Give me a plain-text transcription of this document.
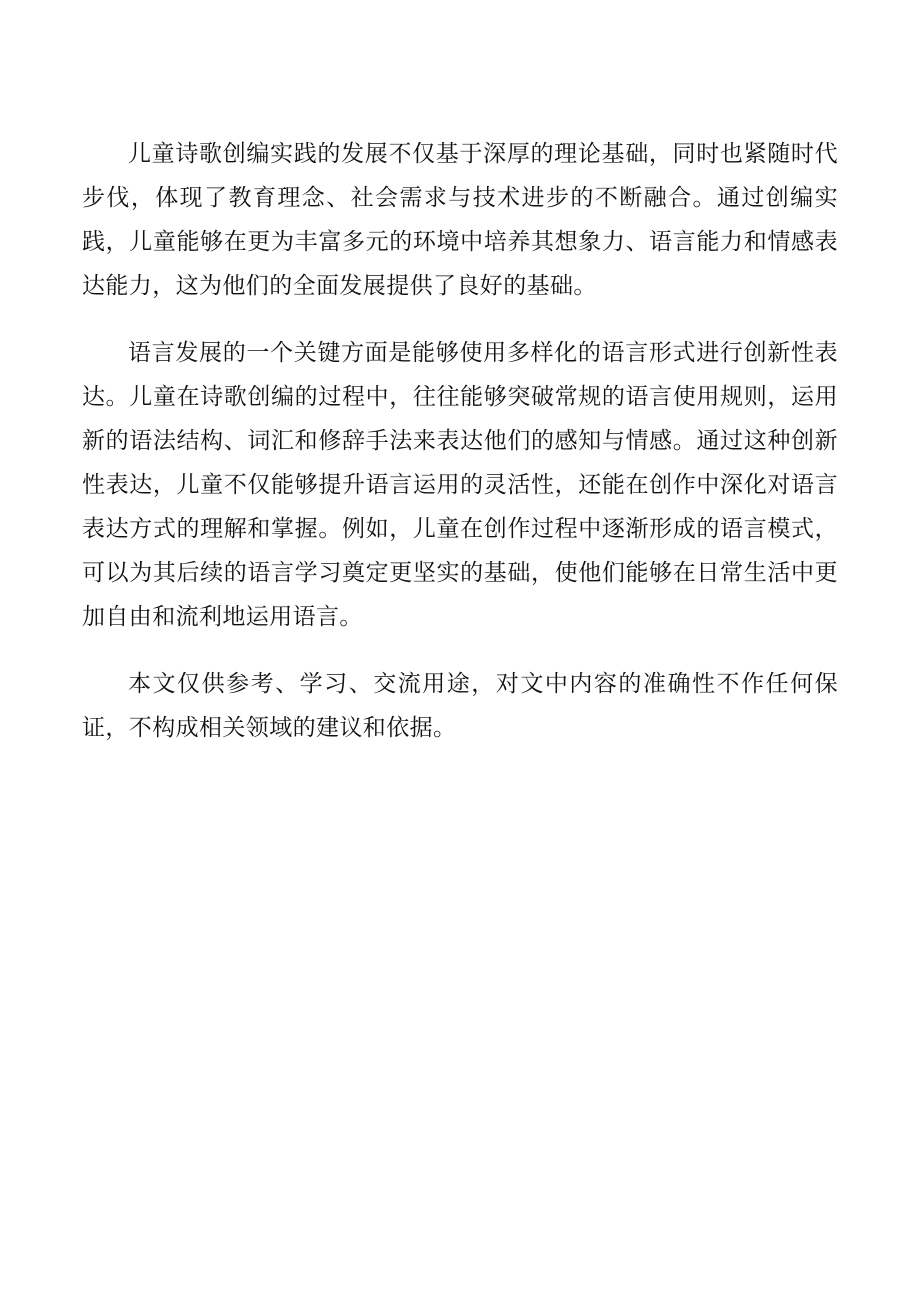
儿童诗歌创编实践的发展不仅基于深厚的理论基础，同时也紧随时代步伐，体现了教育理念、社会需求与技术进步的不断融合。通过创编实践，儿童能够在更为丰富多元的环境中培养其想象力、语言能力和情感表达能力，这为他们的全面发展提供了良好的基础。

语言发展的一个关键方面是能够使用多样化的语言形式进行创新性表达。儿童在诗歌创编的过程中，往往能够突破常规的语言使用规则，运用新的语法结构、词汇和修辞手法来表达他们的感知与情感。通过这种创新性表达，儿童不仅能够提升语言运用的灵活性，还能在创作中深化对语言表达方式的理解和掌握。例如，儿童在创作过程中逐渐形成的语言模式，可以为其后续的语言学习奠定更坚实的基础，使他们能够在日常生活中更加自由和流利地运用语言。

本文仅供参考、学习、交流用途，对文中内容的准确性不作任何保证，不构成相关领域的建议和依据。
